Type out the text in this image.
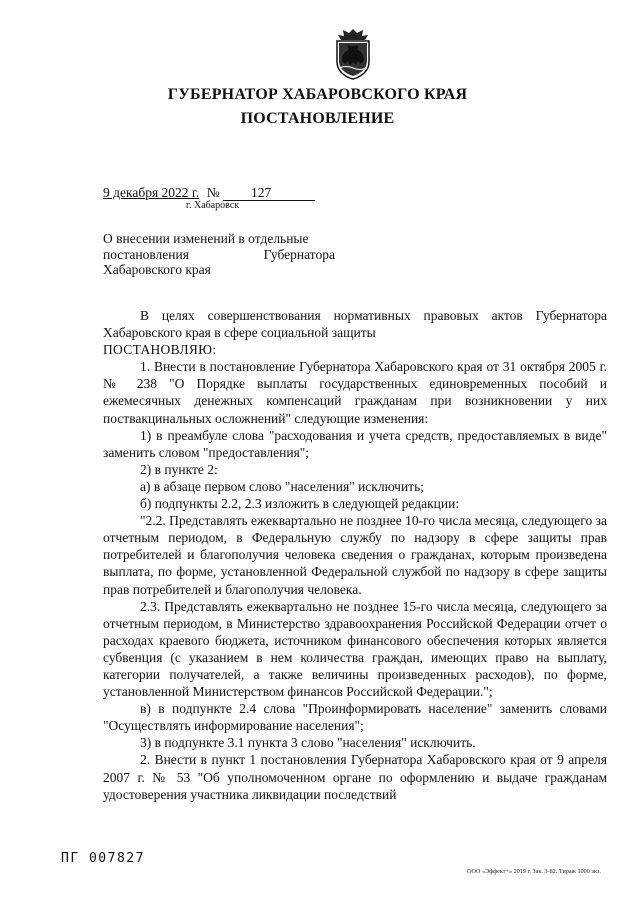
ГУБЕРНАТОР ХАБАРОВСКОГО КРАЯ
ПОСТАНОВЛЕНИЕ
9 декабря 2022 г. № 127
г. Хабаровск
О внесении изменений в отдельные
постановления Губернатора
Хабаровского края

В целях совершенствования нормативных правовых актов Губернатора Хабаровского края в сфере социальной защиты

ПОСТАНОВЛЯЮ:

1. Внести в постановление Губернатора Хабаровского края от 31 октября 2005 г. № 238 "О Порядке выплаты государственных единовременных пособий и ежемесячных денежных компенсаций гражданам при возникновении у них поствакцинальных осложнений" следующие изменения:

1) в преамбуле слова "расходования и учета средств, предоставляемых в виде" заменить словом "предоставления";

2) в пункте 2:

а) в абзаце первом слово "населения" исключить;

б) подпункты 2.2, 2.3 изложить в следующей редакции:

"2.2. Представлять ежеквартально не позднее 10-го числа месяца, следующего за отчетным периодом, в Федеральную службу по надзору в сфере защиты прав потребителей и благополучия человека сведения о гражданах, которым произведена выплата, по форме, установленной Федеральной службой по надзору в сфере защиты прав потребителей и благополучия человека.

2.3. Представлять ежеквартально не позднее 15-го числа месяца, следующего за отчетным периодом, в Министерство здравоохранения Российской Федерации отчет о расходах краевого бюджета, источником финансового обеспечения которых является субвенция (с указанием в нем количества граждан, имеющих право на выплату, категории получателей, а также величины произведенных расходов), по форме, установленной Министерством финансов Российской Федерации.";

в) в подпункте 2.4 слова "Проинформировать население" заменить словами "Осуществлять информирование населения";

3) в подпункте 3.1 пункта 3 слово "населения" исключить.

2. Внести в пункт 1 постановления Губернатора Хабаровского края от 9 апреля 2007 г. № 53 "Об уполномоченном органе по оформлению и выдаче гражданам удостоверения участника ликвидации последствий

ПГ 007827
ООО «Эффект+» 2019 г. Зак. 3-82. Тираж 1000 экз.
